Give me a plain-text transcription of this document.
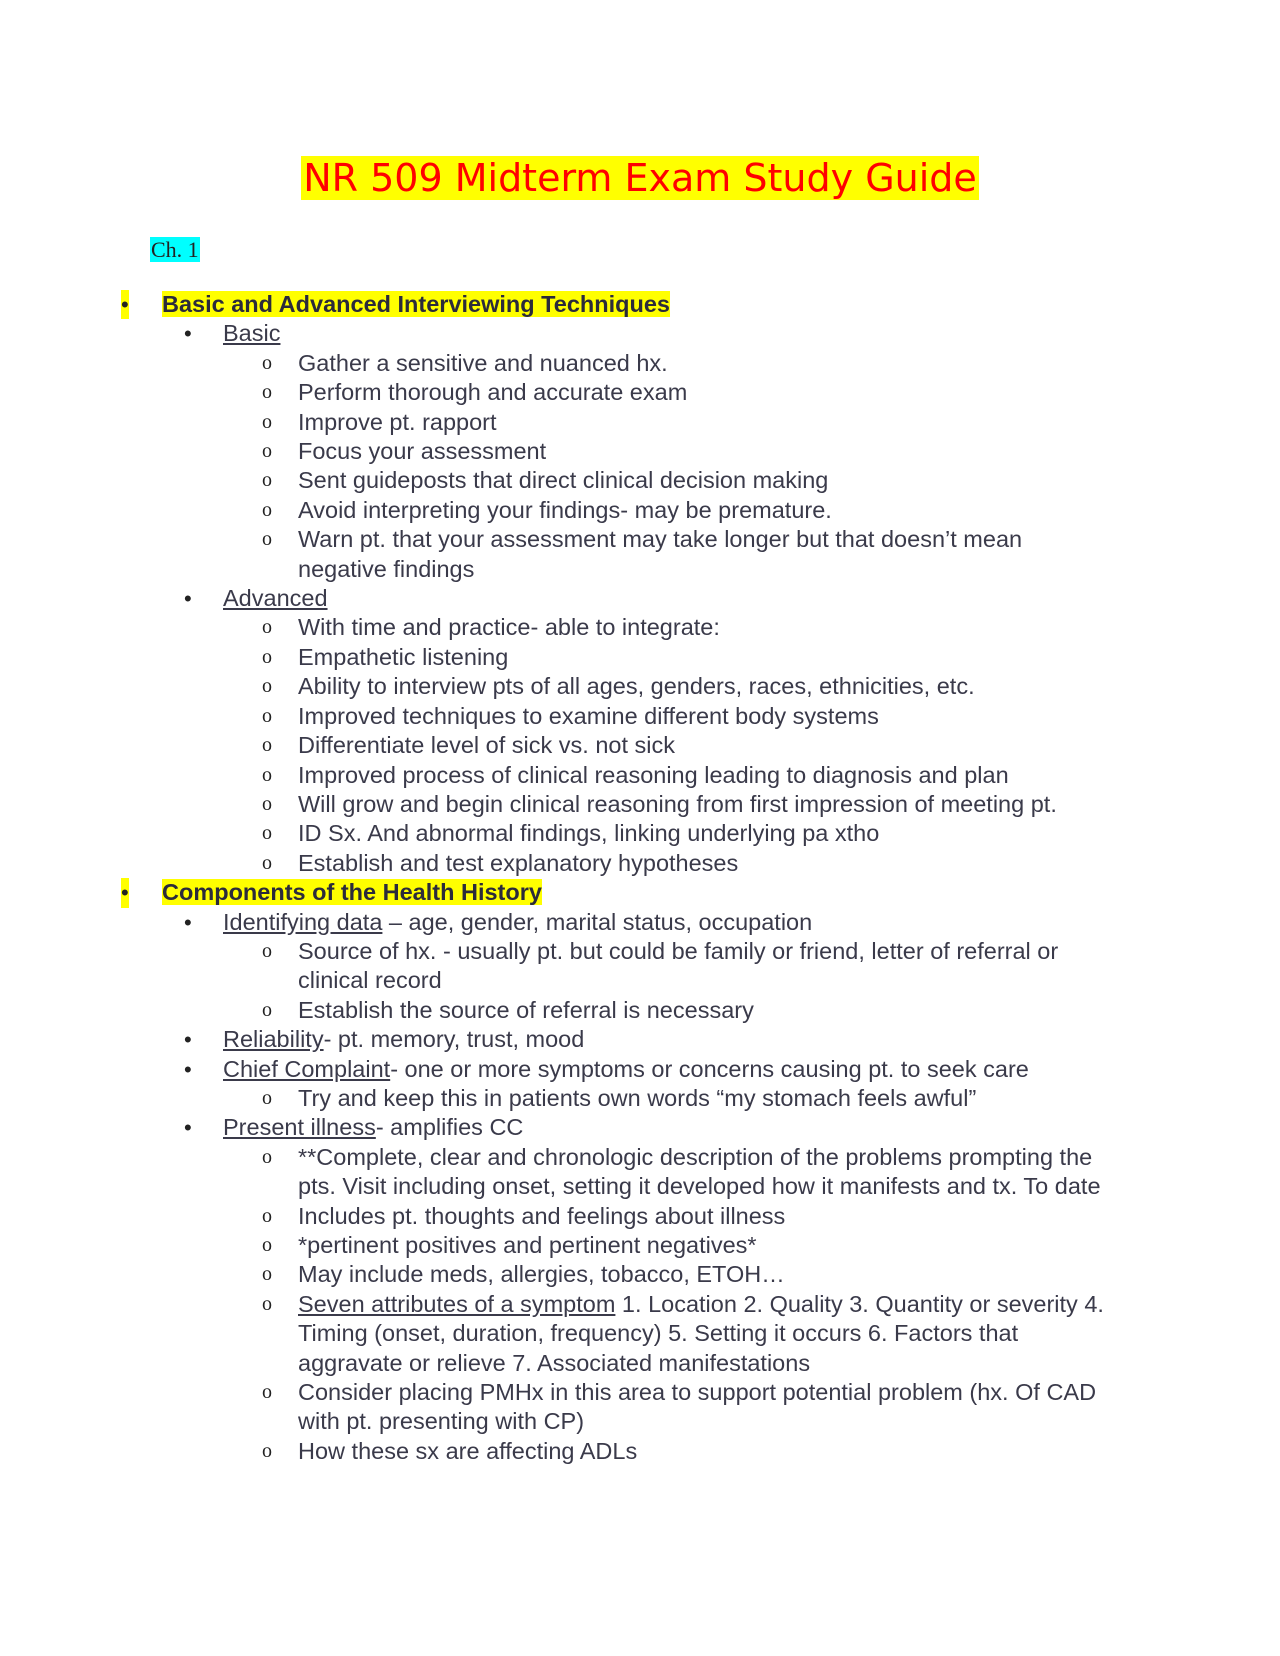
NR 509 Midterm Exam Study Guide
Ch. 1
• Basic and Advanced Interviewing Techniques
• Basic
o Gather a sensitive and nuanced hx.
o Perform thorough and accurate exam
o Improve pt. rapport
o Focus your assessment
o Sent guideposts that direct clinical decision making
o Avoid interpreting your findings- may be premature.
o Warn pt. that your assessment may take longer but that doesn’t mean negative findings
• Advanced
o With time and practice- able to integrate:
o Empathetic listening
o Ability to interview pts of all ages, genders, races, ethnicities, etc.
o Improved techniques to examine different body systems
o Differentiate level of sick vs. not sick
o Improved process of clinical reasoning leading to diagnosis and plan
o Will grow and begin clinical reasoning from first impression of meeting pt.
o ID Sx. And abnormal findings, linking underlying pa xtho
o Establish and test explanatory hypotheses
• Components of the Health History
• Identifying data – age, gender, marital status, occupation
o Source of hx. - usually pt. but could be family or friend, letter of referral or clinical record
o Establish the source of referral is necessary
• Reliability- pt. memory, trust, mood
• Chief Complaint- one or more symptoms or concerns causing pt. to seek care
o Try and keep this in patients own words “my stomach feels awful”
• Present illness- amplifies CC
o **Complete, clear and chronologic description of the problems prompting the pts. Visit including onset, setting it developed how it manifests and tx. To date
o Includes pt. thoughts and feelings about illness
o *pertinent positives and pertinent negatives*
o May include meds, allergies, tobacco, ETOH…
o Seven attributes of a symptom 1. Location 2. Quality 3. Quantity or severity 4. Timing (onset, duration, frequency) 5. Setting it occurs 6. Factors that aggravate or relieve 7. Associated manifestations
o Consider placing PMHx in this area to support potential problem (hx. Of CAD with pt. presenting with CP)
o How these sx are affecting ADLs
